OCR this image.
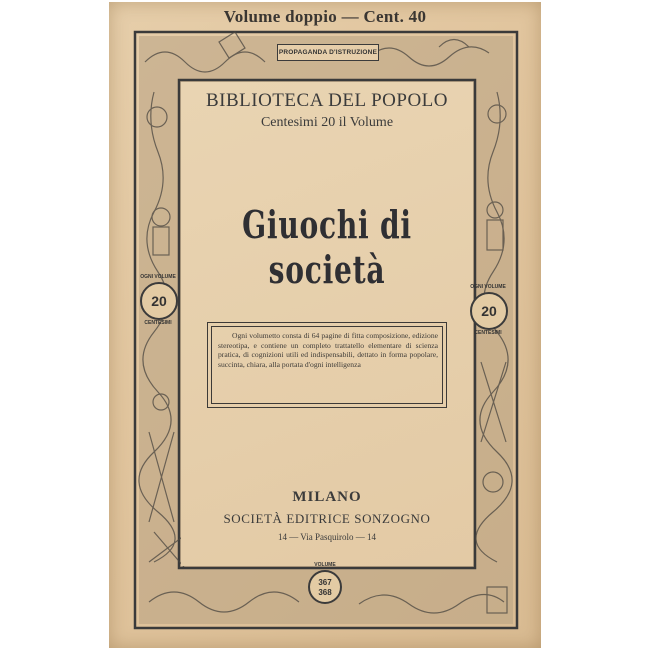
Volume doppio — Cent. 40
PROPAGANDA D'ISTRUZIONE
BIBLIOTECA DEL POPOLO
Centesimi 20 il Volume
Giuochi di società
Ogni volumetto consta di 64 pagine di fitta composizione, edizione stereotipa, e contiene un completo trattatello elementare di scienza pratica, di cognizioni utili ed indispensabili, dettato in forma popolare, succinta, chiara, alla portata d'ogni intelligenza
MILANO
SOCIETÀ EDITRICE SONZOGNO
14 — Via Pasquirolo — 14
OGNI VOLUME
20
CENTESIMI
OGNI VOLUME
20
CENTESIMI
VOLUME
367
368
